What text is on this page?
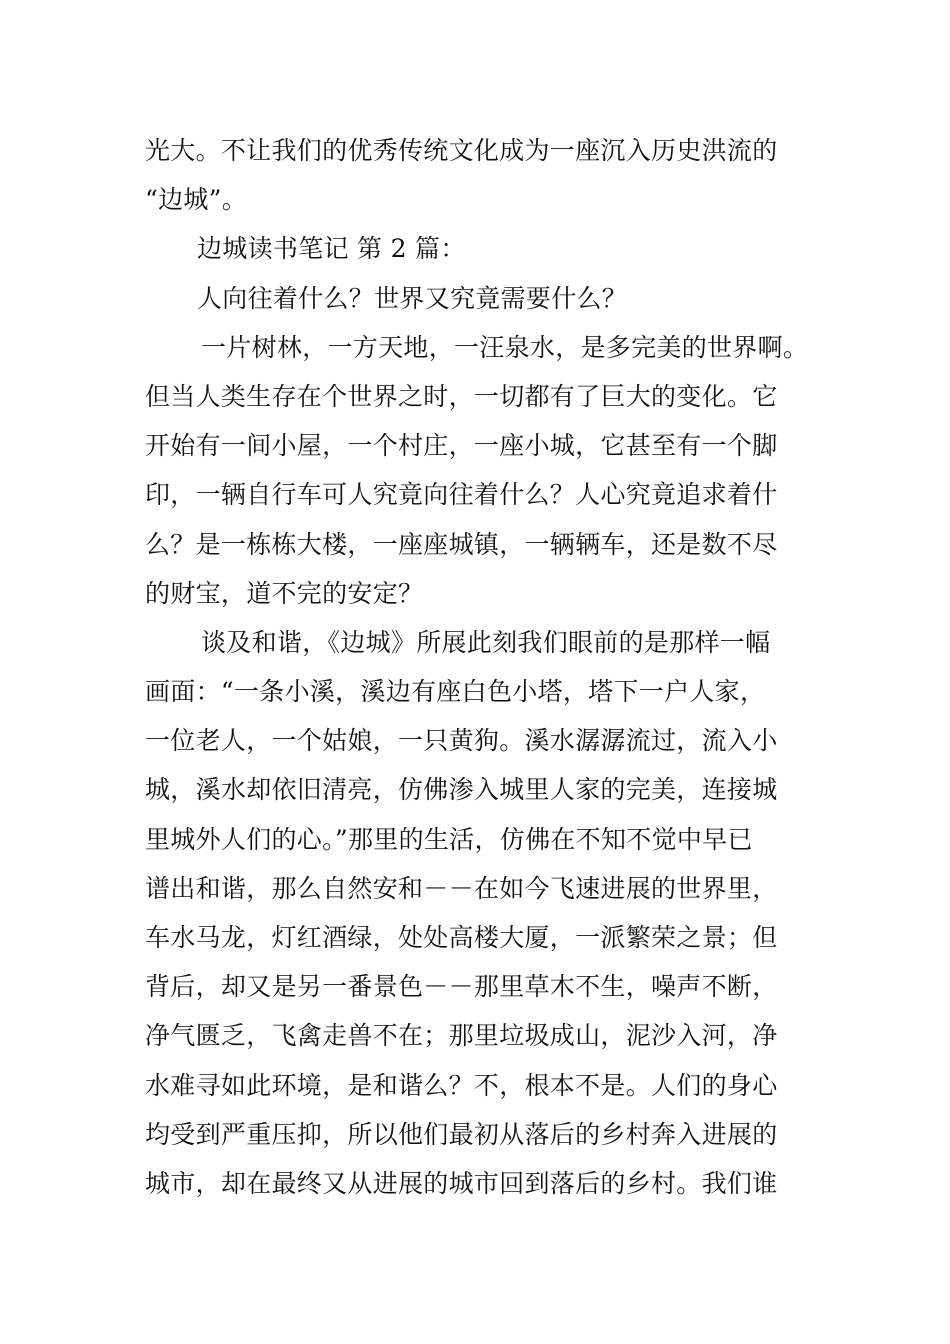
光大。不让我们的优秀传统文化成为一座沉入历史洪流的
“边城”。
边城读书笔记 第 2 篇：
人向往着什么？世界又究竟需要什么？
一片树林，一方天地，一汪泉水，是多完美的世界啊。
但当人类生存在个世界之时，一切都有了巨大的变化。它
开始有一间小屋，一个村庄，一座小城，它甚至有一个脚
印，一辆自行车可人究竟向往着什么？人心究竟追求着什
么？是一栋栋大楼，一座座城镇，一辆辆车，还是数不尽
的财宝，道不完的安定？
谈及和谐，《边城》所展此刻我们眼前的是那样一幅
画面：“一条小溪，溪边有座白色小塔，塔下一户人家，
一位老人，一个姑娘，一只黄狗。溪水潺潺流过，流入小
城，溪水却依旧清亮，仿佛渗入城里人家的完美，连接城
里城外人们的心。”那里的生活，仿佛在不知不觉中早已
谱出和谐，那么自然安和－－在如今飞速进展的世界里，
车水马龙，灯红酒绿，处处高楼大厦，一派繁荣之景；但
背后，却又是另一番景色－－那里草木不生，噪声不断，
净气匮乏，飞禽走兽不在；那里垃圾成山，泥沙入河，净
水难寻如此环境，是和谐么？不，根本不是。人们的身心
均受到严重压抑，所以他们最初从落后的乡村奔入进展的
城市，却在最终又从进展的城市回到落后的乡村。我们谁
